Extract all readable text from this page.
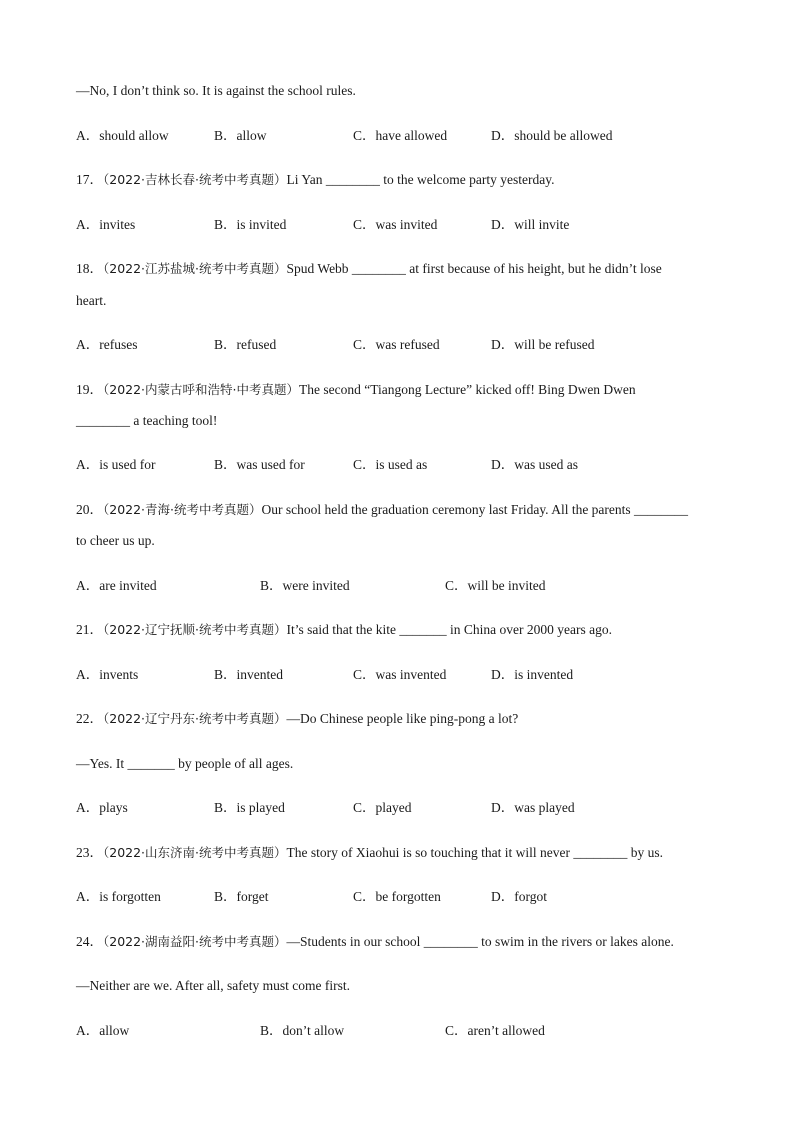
—No, I don’t think so. It is against the school rules.
A．should allow	B．allow	C．have allowed	D．should be allowed
17．（2022·吉林长春·统考中考真题）Li Yan ________ to the welcome party yesterday.
A．invites	B．is invited	C．was invited	D．will invite
18．（2022·江苏盐城·统考中考真题）Spud Webb ________ at first because of his height, but he didn’t lose
heart.
A．refuses	B．refused	C．was refused	D．will be refused
19．（2022·内蒙古呼和浩特·中考真题）The second “Tiangong Lecture” kicked off! Bing Dwen Dwen
________ a teaching tool!
A．is used for	B．was used for	C．is used as	D．was used as
20．（2022·青海·统考中考真题）Our school held the graduation ceremony last Friday. All the parents ________
to cheer us up.
A．are invited	B．were invited	C．will be invited
21．（2022·辽宁抚顺·统考中考真题）It’s said that the kite _______ in China over 2000 years ago.
A．invents	B．invented	C．was invented	D．is invented
22．（2022·辽宁丹东·统考中考真题）—Do Chinese people like ping-pong a lot?
—Yes. It _______ by people of all ages.
A．plays	B．is played	C．played	D．was played
23．（2022·山东济南·统考中考真题）The story of Xiaohui is so touching that it will never ________ by us.
A．is forgotten	B．forget	C．be forgotten	D．forgot
24．（2022·湖南益阳·统考中考真题）—Students in our school ________ to swim in the rivers or lakes alone.
—Neither are we. After all, safety must come first.
A．allow	B．don’t allow	C．aren’t allowed
